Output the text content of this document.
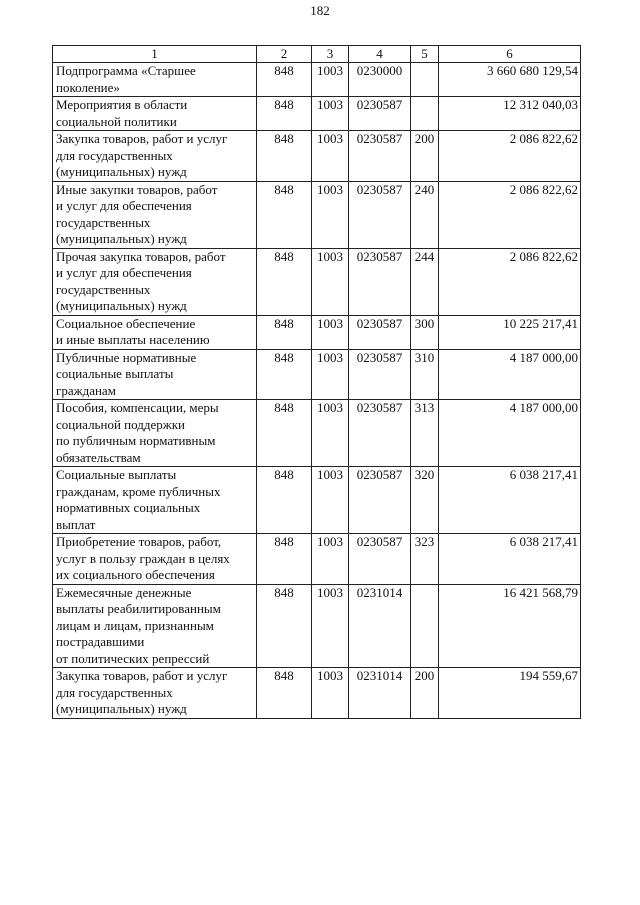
182
1	2	3	4	5	6

Подпрограмма «Старшее
поколение»	848	1003	0230000		3 660 680 129,54

Мероприятия в области
социальной политики	848	1003	0230587		12 312 040,03

Закупка товаров, работ и услуг
для государственных
(муниципальных) нужд	848	1003	0230587	200	2 086 822,62

Иные закупки товаров, работ
и услуг для обеспечения
государственных
(муниципальных) нужд	848	1003	0230587	240	2 086 822,62

Прочая закупка товаров, работ
и услуг для обеспечения
государственных
(муниципальных) нужд	848	1003	0230587	244	2 086 822,62

Социальное обеспечение
и иные выплаты населению	848	1003	0230587	300	10 225 217,41

Публичные нормативные
социальные выплаты
гражданам	848	1003	0230587	310	4 187 000,00

Пособия, компенсации, меры
социальной поддержки
по публичным нормативным
обязательствам	848	1003	0230587	313	4 187 000,00

Социальные выплаты
гражданам, кроме публичных
нормативных социальных
выплат	848	1003	0230587	320	6 038 217,41

Приобретение товаров, работ,
услуг в пользу граждан в целях
их социального обеспечения	848	1003	0230587	323	6 038 217,41

Ежемесячные денежные
выплаты реабилитированным
лицам и лицам, признанным
пострадавшими
от политических репрессий	848	1003	0231014		16 421 568,79

Закупка товаров, работ и услуг
для государственных
(муниципальных) нужд	848	1003	0231014	200	194 559,67
